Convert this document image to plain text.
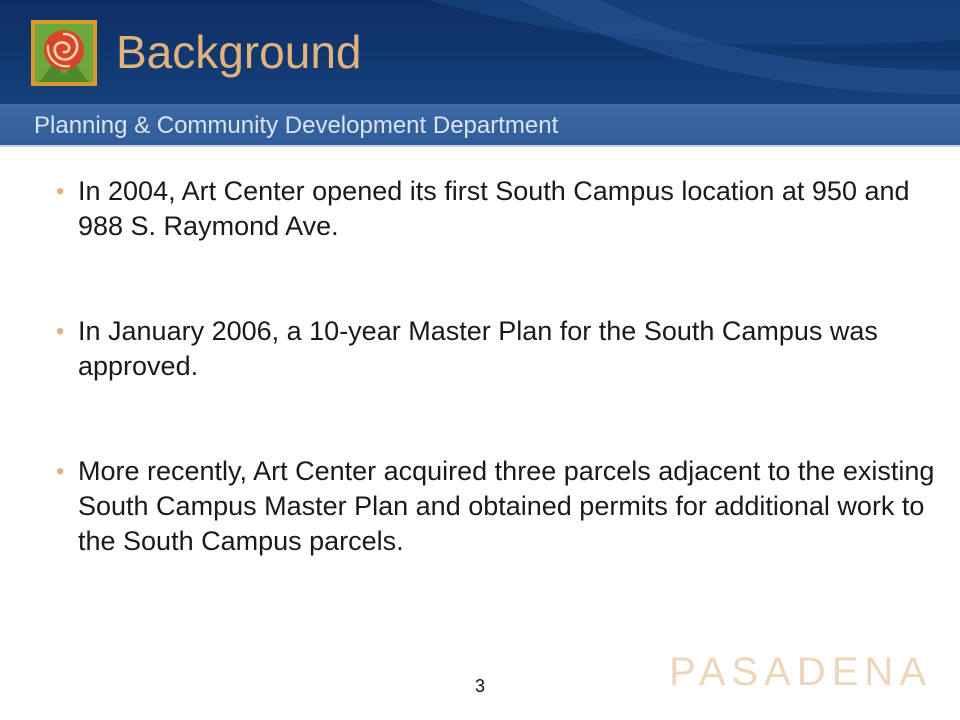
Background
Planning & Community Development Department
• In 2004, Art Center opened its first South Campus location at 950 and 988 S. Raymond Ave.
• In January 2006, a 10-year Master Plan for the South Campus was approved.
• More recently, Art Center acquired three parcels adjacent to the existing South Campus Master Plan and obtained permits for additional work to the South Campus parcels.
3	PASADENA
